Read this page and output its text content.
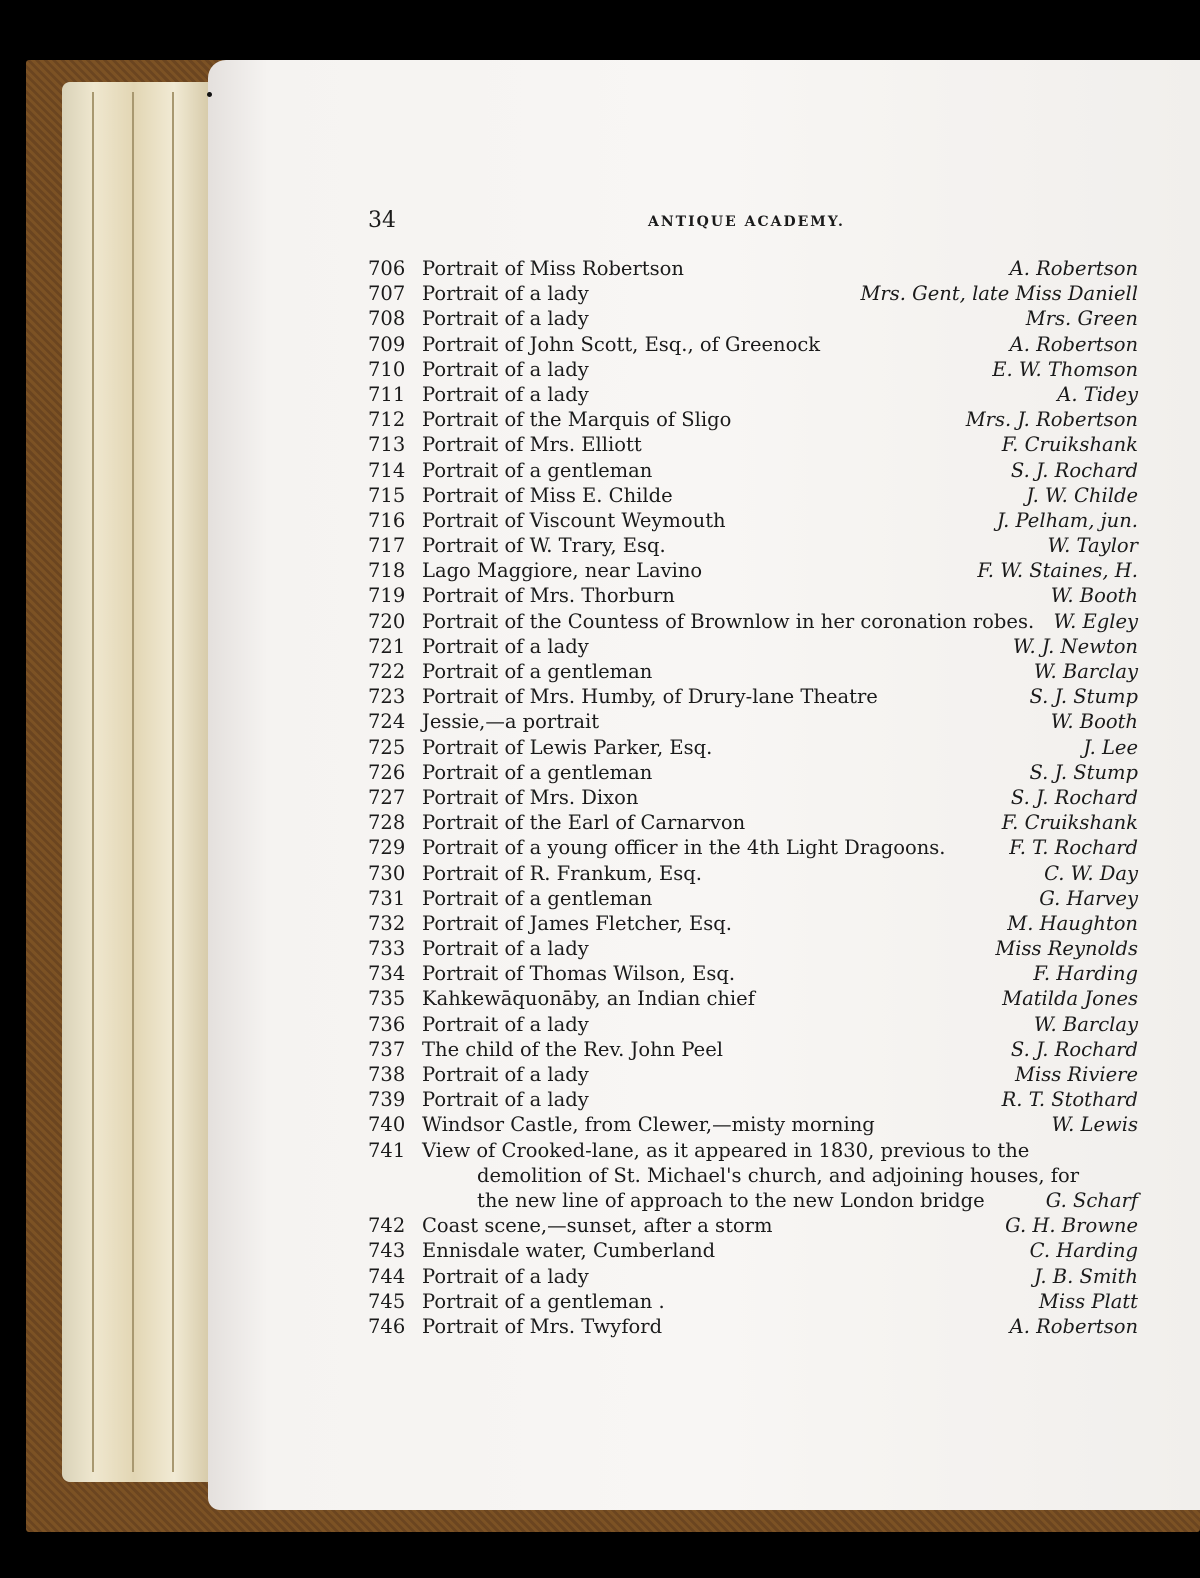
34	ANTIQUE ACADEMY.
706 Portrait of Miss Robertson	A. Robertson
707 Portrait of a lady	Mrs. Gent, late Miss Daniell
708 Portrait of a lady	Mrs. Green
709 Portrait of John Scott, Esq., of Greenock	A. Robertson
710 Portrait of a lady	E. W. Thomson
711 Portrait of a lady	A. Tidey
712 Portrait of the Marquis of Sligo	Mrs. J. Robertson
713 Portrait of Mrs. Elliott	F. Cruikshank
714 Portrait of a gentleman	S. J. Rochard
715 Portrait of Miss E. Childe	J. W. Childe
716 Portrait of Viscount Weymouth	J. Pelham, jun.
717 Portrait of W. Trary, Esq.	W. Taylor
718 Lago Maggiore, near Lavino	F. W. Staines, H.
719 Portrait of Mrs. Thorburn	W. Booth
720 Portrait of the Countess of Brownlow in her coronation robes. W. Egley
721 Portrait of a lady	W. J. Newton
722 Portrait of a gentleman	W. Barclay
723 Portrait of Mrs. Humby, of Drury-lane Theatre	S. J. Stump
724 Jessie,—a portrait	W. Booth
725 Portrait of Lewis Parker, Esq.	J. Lee
726 Portrait of a gentleman	S. J. Stump
727 Portrait of Mrs. Dixon	S. J. Rochard
728 Portrait of the Earl of Carnarvon	F. Cruikshank
729 Portrait of a young officer in the 4th Light Dragoons.	F. T. Rochard
730 Portrait of R. Frankum, Esq.	C. W. Day
731 Portrait of a gentleman	G. Harvey
732 Portrait of James Fletcher, Esq.	M. Haughton
733 Portrait of a lady	Miss Reynolds
734 Portrait of Thomas Wilson, Esq.	F. Harding
735 Kahkewāquonāby, an Indian chief	Matilda Jones
736 Portrait of a lady	W. Barclay
737 The child of the Rev. John Peel	S. J. Rochard
738 Portrait of a lady	Miss Riviere
739 Portrait of a lady	R. T. Stothard
740 Windsor Castle, from Clewer,—misty morning	W. Lewis
741 View of Crooked-lane, as it appeared in 1830, previous to the demolition of St. Michael's church, and adjoining houses, for the new line of approach to the new London bridge	G. Scharf
742 Coast scene,—sunset, after a storm	G. H. Browne
743 Ennisdale water, Cumberland	C. Harding
744 Portrait of a lady	J. B. Smith
745 Portrait of a gentleman .	Miss Platt
746 Portrait of Mrs. Twyford	A. Robertson
